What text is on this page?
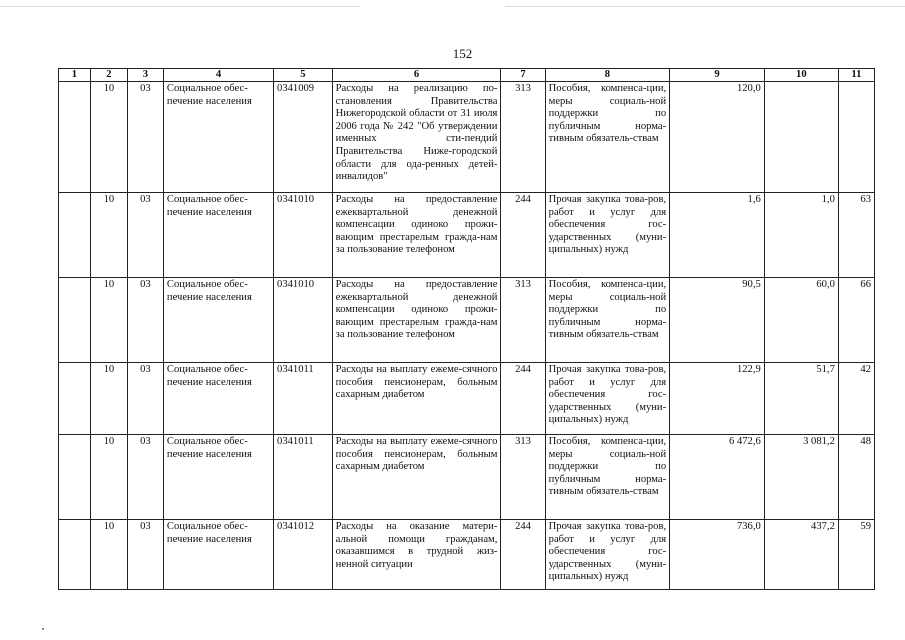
152
1	2	3	4	5	6	7	8	9	10	11
	10	03	Социальное обес-печение населения	0341009	Расходы на реализацию по-становления Правительства Нижегородской области от 31 июля 2006 года № 242 "Об утверждении именных сти-пендий Правительства Ниже-городской области для ода-ренных детей-инвалидов"	313	Пособия, компенса-ции, меры социаль-ной поддержки по публичным норма-тивным обязатель-ствам	120,0		
	10	03	Социальное обес-печение населения	0341010	Расходы на предоставление ежеквартальной денежной компенсации одиноко прожи-вающим престарелым гражда-нам за пользование телефоном	244	Прочая закупка това-ров, работ и услуг для обеспечения гос-ударственных (муни-ципальных) нужд	1,6	1,0	63
	10	03	Социальное обес-печение населения	0341010	Расходы на предоставление ежеквартальной денежной компенсации одиноко прожи-вающим престарелым гражда-нам за пользование телефоном	313	Пособия, компенса-ции, меры социаль-ной поддержки по публичным норма-тивным обязатель-ствам	90,5	60,0	66
	10	03	Социальное обес-печение населения	0341011	Расходы на выплату ежеме-сячного пособия пенсионерам, больным сахарным диабетом	244	Прочая закупка това-ров, работ и услуг для обеспечения гос-ударственных (муни-ципальных) нужд	122,9	51,7	42
	10	03	Социальное обес-печение населения	0341011	Расходы на выплату ежеме-сячного пособия пенсионерам, больным сахарным диабетом	313	Пособия, компенса-ции, меры социаль-ной поддержки по публичным норма-тивным обязатель-ствам	6 472,6	3 081,2	48
	10	03	Социальное обес-печение населения	0341012	Расходы на оказание матери-альной помощи гражданам, оказавшимся в трудной жиз-ненной ситуации	244	Прочая закупка това-ров, работ и услуг для обеспечения гос-ударственных (муни-ципальных) нужд	736,0	437,2	59
